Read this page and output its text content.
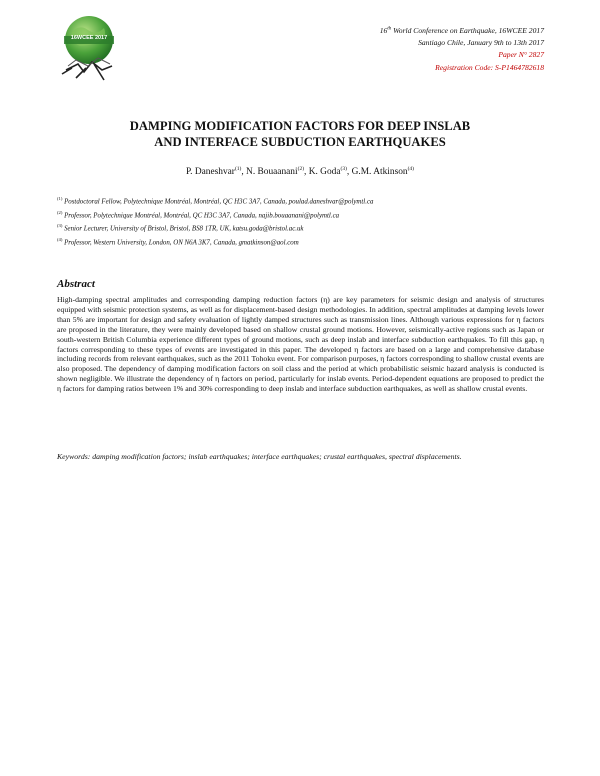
16WCEE 2017
16th World Conference on Earthquake, 16WCEE 2017
Santiago Chile, January 9th to 13th 2017
Paper N° 2827
Registration Code: S-P1464782618
DAMPING MODIFICATION FACTORS FOR DEEP INSLAB
AND INTERFACE SUBDUCTION EARTHQUAKES
P. Daneshvar$^{(1)}$, N. Bouaanani$^{(2)}$, K. Goda$^{(3)}$, G.M. Atkinson$^{(4)}$
$^{(1)}$ Postdoctoral Fellow, Polytechnique Montréal, Montréal, QC H3C 3A7, Canada, poulad.daneshvar@polymtl.ca
$^{(2)}$ Professor, Polytechnique Montréal, Montréal, QC H3C 3A7, Canada, najib.bouaanani@polymtl.ca
$^{(3)}$ Senior Lecturer, University of Bristol, Bristol, BS8 1TR, UK, katsu.goda@bristol.ac.uk
$^{(4)}$ Professor, Western University, London, ON N6A 3K7, Canada, gmatkinson@aol.com
Abstract
High-damping spectral amplitudes and corresponding damping reduction factors (η) are key parameters for seismic design and analysis of structures equipped with seismic protection systems, as well as for displacement-based design methodologies. In addition, spectral amplitudes at damping levels lower than 5% are important for design and safety evaluation of lightly damped structures such as transmission lines. Although various expressions for η factors are proposed in the literature, they were mainly developed based on shallow crustal ground motions. However, seismically-active regions such as Japan or south-western British Columbia experience different types of ground motions, such as deep inslab and interface subduction earthquakes. To fill this gap, η factors corresponding to these types of events are investigated in this paper. The developed η factors are based on a large and comprehensive database including records from relevant earthquakes, such as the 2011 Tohoku event. For comparison purposes, η factors corresponding to shallow crustal events are also proposed. The dependency of damping modification factors on soil class and the period at which probabilistic seismic hazard analysis is conducted is shown negligible. We illustrate the dependency of η factors on period, particularly for inslab events. Period-dependent equations are proposed to predict the η factors for damping ratios between 1% and 30% corresponding to deep inslab and interface subduction earthquakes, as well as shallow crustal events.
Keywords: damping modification factors; inslab earthquakes; interface earthquakes; crustal earthquakes, spectral displacements.
